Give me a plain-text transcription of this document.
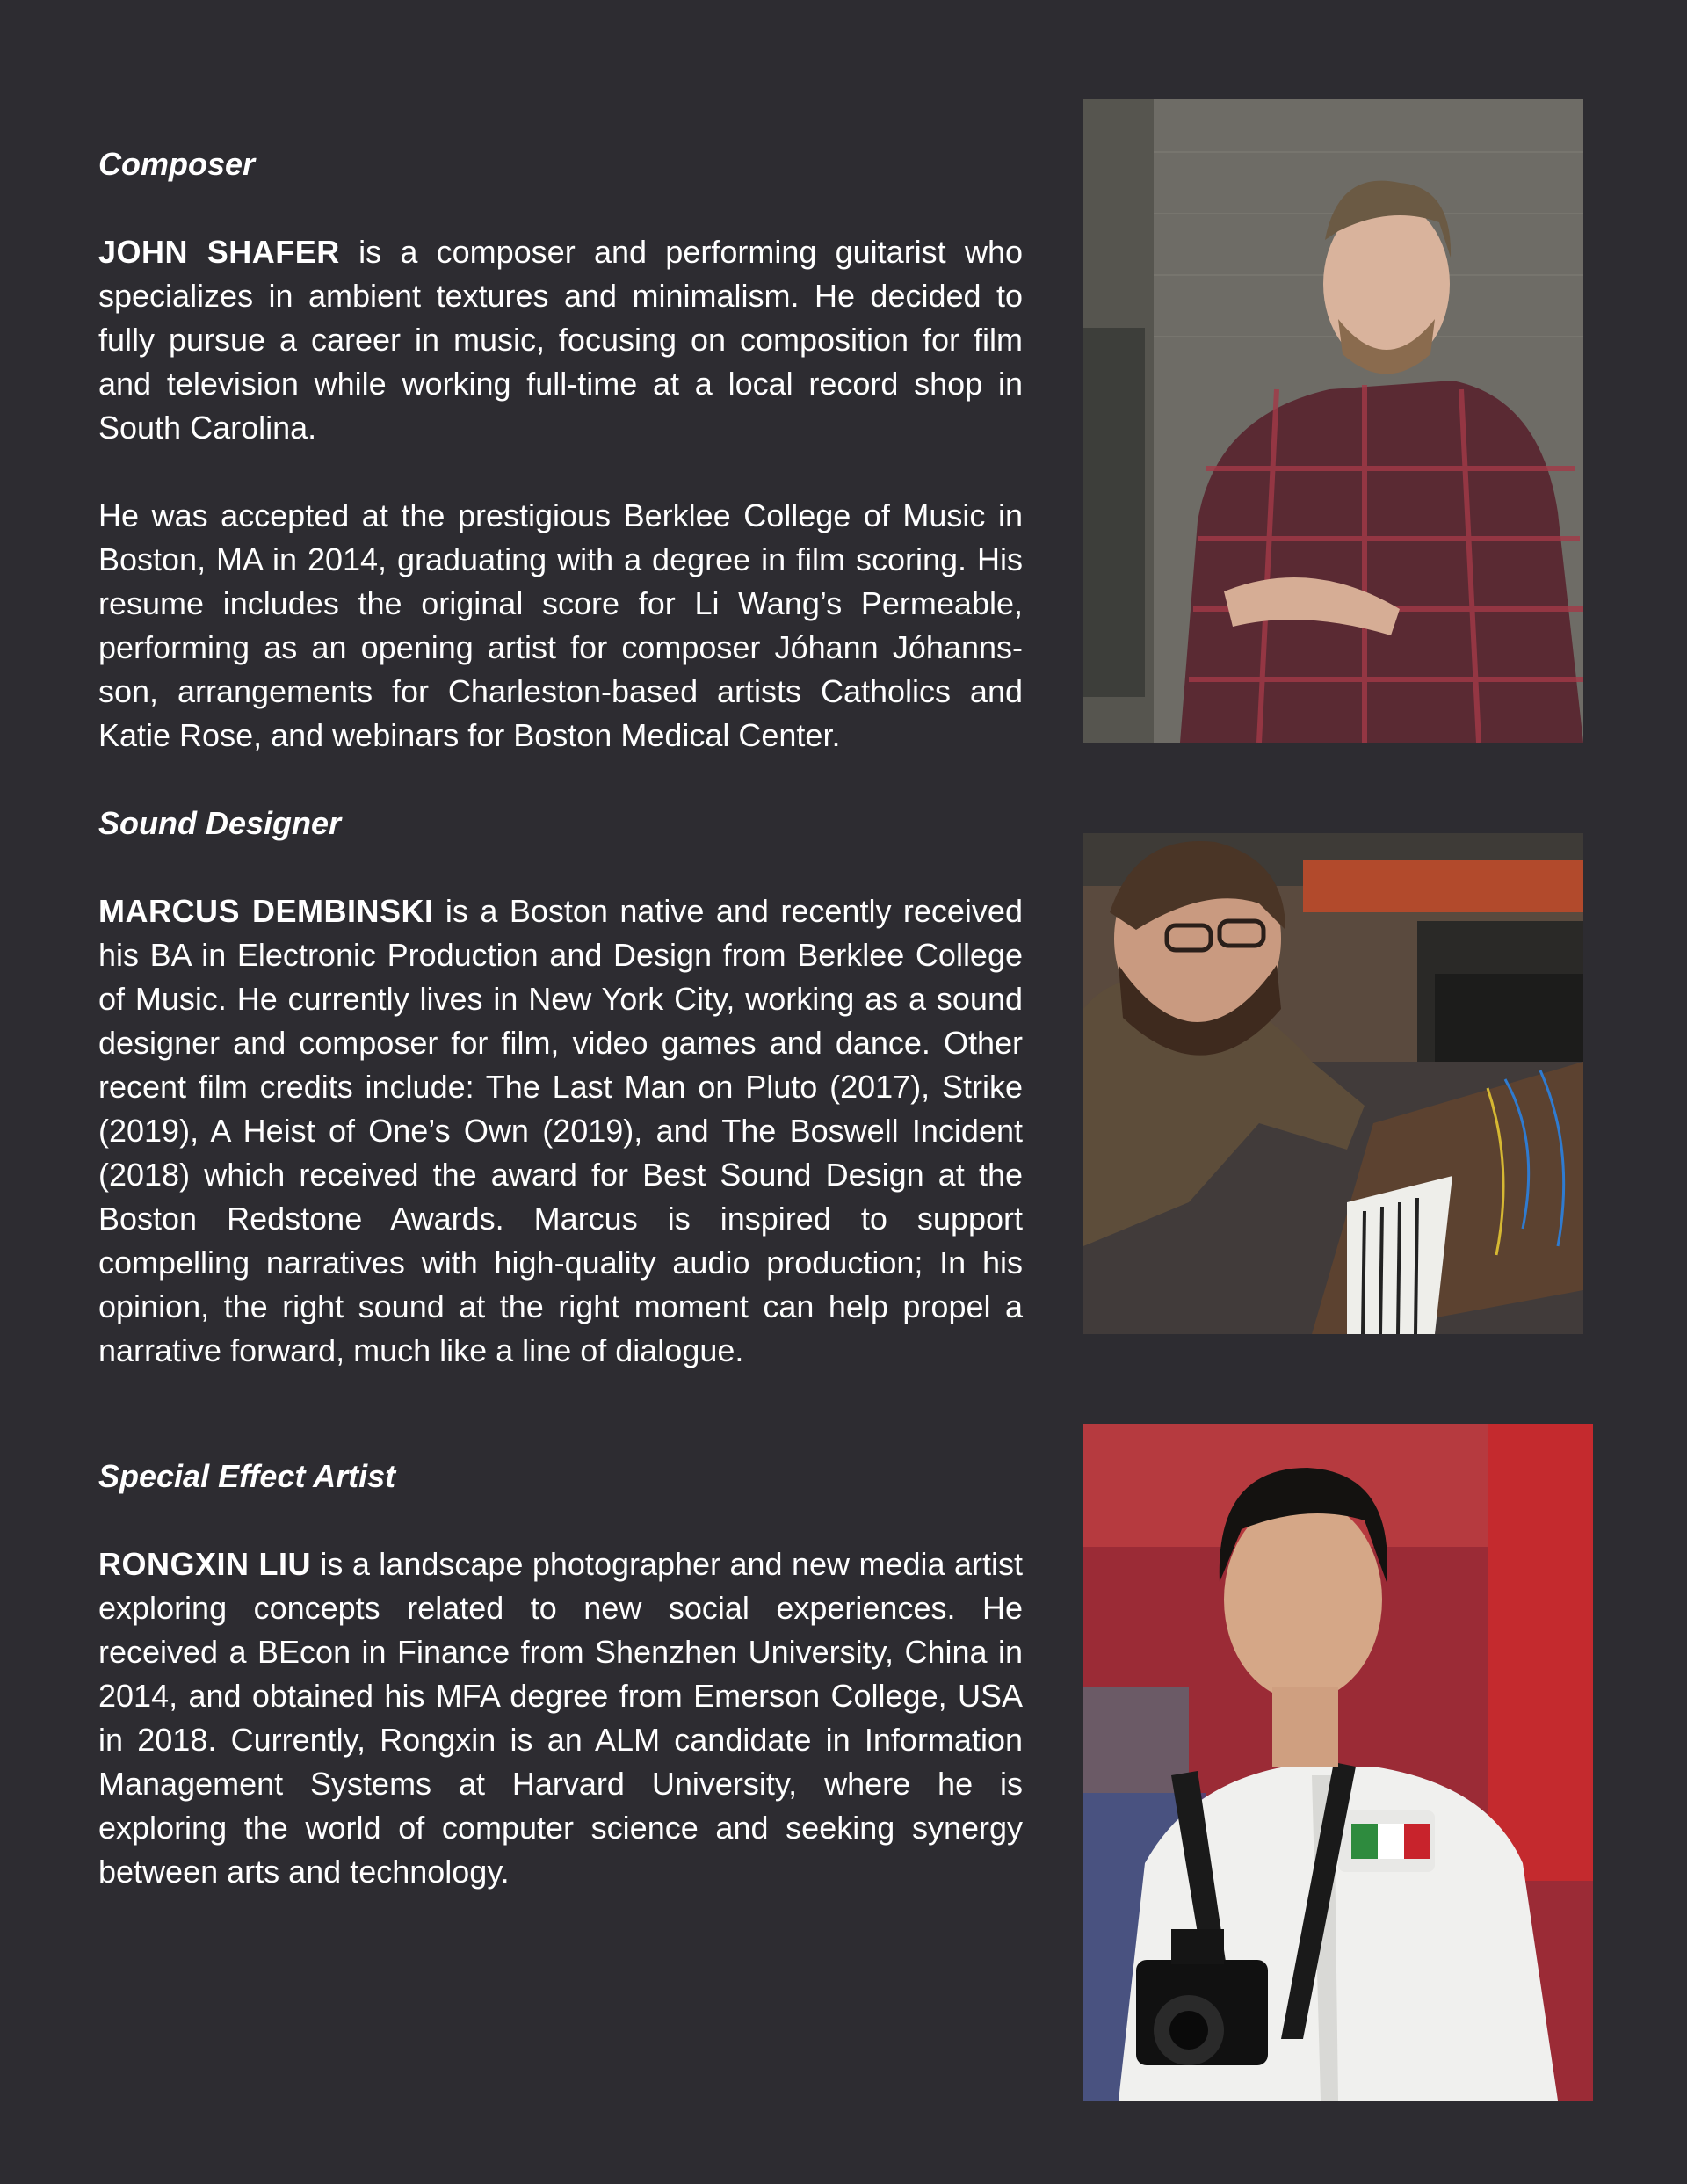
Composer

JOHN SHAFER is a composer and performing guitarist who specializes in ambient textures and minimalism. He decided to fully pursue a career in music, focusing on composition for film and television while working full-time at a local record shop in South Carolina.

He was accepted at the prestigious Berklee College of Music in Boston, MA in 2014, graduating with a degree in film scoring. His resume includes the original score for Li Wang’s Permeable, performing as an opening artist for composer Jóhann Jóhannsson, arrangements for Charleston-based artists Catholics and Katie Rose, and webinars for Boston Medical Center.

Sound Designer

MARCUS DEMBINSKI is a Boston native and recently received his BA in Electronic Production and Design from Berklee College of Music. He currently lives in New York City, working as a sound designer and composer for film, video games and dance. Other recent film credits include: The Last Man on Pluto (2017), Strike (2019), A Heist of One’s Own (2019), and The Boswell Incident (2018) which received the award for Best Sound Design at the Boston Redstone Awards. Marcus is inspired to support compelling narratives with high-quality audio production; In his opinion, the right sound at the right moment can help propel a narrative forward, much like a line of dialogue.

Special Effect Artist

RONGXIN LIU is a landscape photographer and new media artist exploring concepts related to new social experiences. He received a BEcon in Finance from Shenzhen University, China in 2014, and obtained his MFA degree from Emerson College, USA in 2018. Currently, Rongxin is an ALM candidate in Information Management Systems at Harvard University, where he is exploring the world of computer science and seeking synergy between arts and technology.
